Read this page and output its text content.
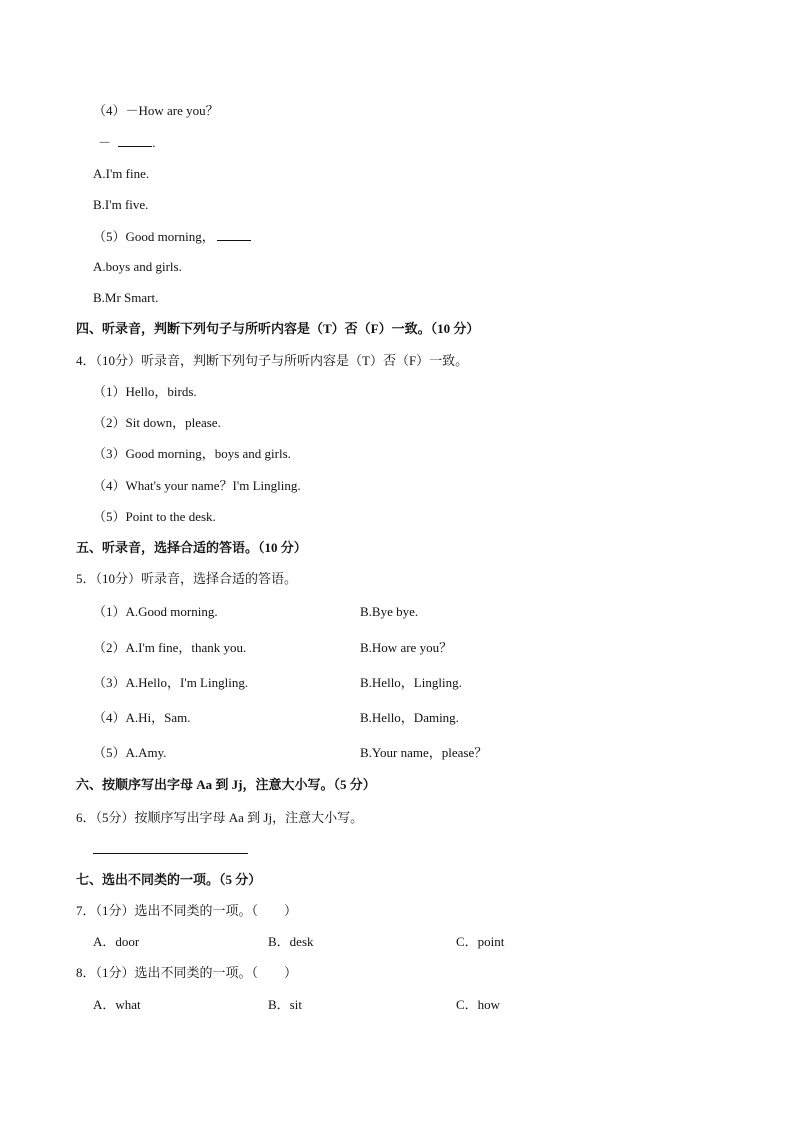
（4）－How are you？
－	.
A.I'm fine.
B.I'm five.
（5）Good morning，
A.boys and girls.
B.Mr Smart.
四、听录音，判断下列句子与所听内容是（T）否（F）一致。（10 分）
4．（10分）听录音，判断下列句子与所听内容是（T）否（F）一致。
（1）Hello，birds.
（2）Sit down，please.
（3）Good morning，boys and girls.
（4）What's your name？I'm Lingling.
（5）Point to the desk.
五、听录音，选择合适的答语。（10 分）
5．（10分）听录音，选择合适的答语。
（1）A.Good morning.	B.Bye bye.
（2）A.I'm fine，thank you.	B.How are you？
（3）A.Hello，I'm Lingling.	B.Hello，Lingling.
（4）A.Hi，Sam.	B.Hello，Daming.
（5）A.Amy.	B.Your name，please？
六、按顺序写出字母 Aa 到 Jj，注意大小写。（5 分）
6．（5分）按顺序写出字母 Aa 到 Jj，注意大小写。
七、选出不同类的一项。（5 分）
7．（1分）选出不同类的一项。（　　）
A．door	B．desk	C．point
8．（1分）选出不同类的一项。（　　）
A．what	B．sit	C．how
